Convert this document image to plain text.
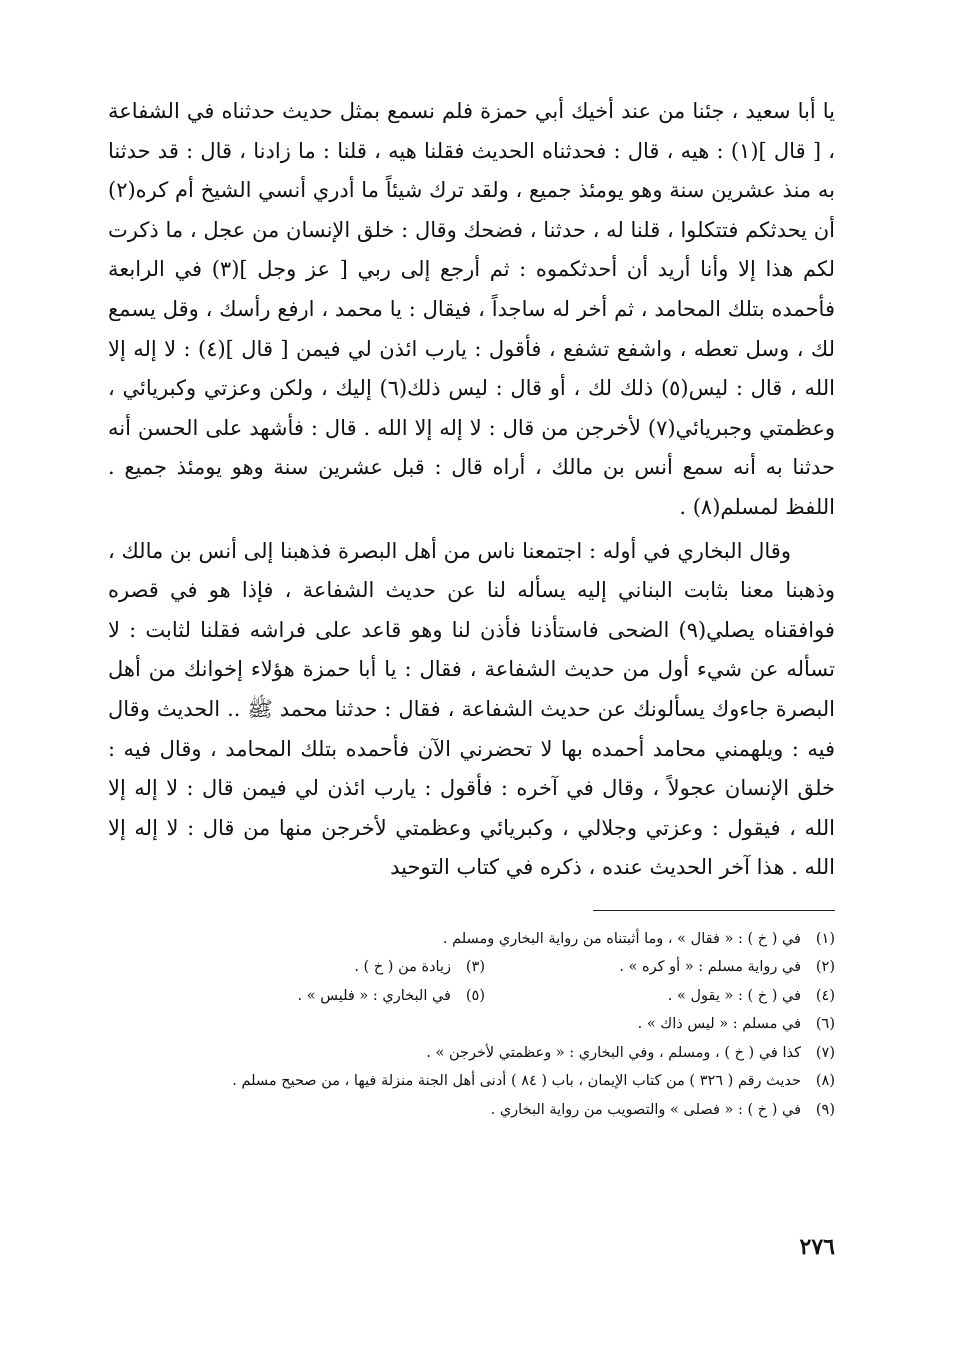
يا أبا سعيد ، جئنا من عند أخيك أبي حمزة فلم نسمع بمثل حديث حدثناه في الشفاعة ، [ قال ](١) : هيه ، قال : فحدثناه الحديث فقلنا هيه ، قلنا : ما زادنا ، قال : قد حدثنا به منذ عشرين سنة وهو يومئذ جميع ، ولقد ترك شيئاً ما أدري أنسي الشيخ أم كره(٢) أن يحدثكم فتتكلوا ، قلنا له ، حدثنا ، فضحك وقال : خلق الإنسان من عجل ، ما ذكرت لكم هذا إلا وأنا أريد أن أحدثكموه : ثم أرجع إلى ربي [ عز وجل ](٣) في الرابعة فأحمده بتلك المحامد ، ثم أخر له ساجداً ، فيقال : يا محمد ، ارفع رأسك ، وقل يسمع لك ، وسل تعطه ، واشفع تشفع ، فأقول : يارب ائذن لي فيمن [ قال ](٤) : لا إله إلا الله ، قال : ليس(٥) ذلك لك ، أو قال : ليس ذلك(٦) إليك ، ولكن وعزتي وكبريائي ، وعظمتي وجبريائي(٧) لأخرجن من قال : لا إله إلا الله . قال : فأشهد على الحسن أنه حدثنا به أنه سمع أنس بن مالك ، أراه قال : قبل عشرين سنة وهو يومئذ جميع . اللفظ لمسلم(٨) .

وقال البخاري في أوله : اجتمعنا ناس من أهل البصرة فذهبنا إلى أنس بن مالك ، وذهبنا معنا بثابت البناني إليه يسأله لنا عن حديث الشفاعة ، فإذا هو في قصره فوافقناه يصلي(٩) الضحى فاستأذنا فأذن لنا وهو قاعد على فراشه فقلنا لثابت : لا تسأله عن شيء أول من حديث الشفاعة ، فقال : يا أبا حمزة هؤلاء إخوانك من أهل البصرة جاءوك يسألونك عن حديث الشفاعة ، فقال : حدثنا محمد ﷺ .. الحديث وقال فيه : ويلهمني محامد أحمده بها لا تحضرني الآن فأحمده بتلك المحامد ، وقال فيه : خلق الإنسان عجولاً ، وقال في آخره : فأقول : يارب ائذن لي فيمن قال : لا إله إلا الله ، فيقول : وعزتي وجلالي ، وكبريائي وعظمتي لأخرجن منها من قال : لا إله إلا الله . هذا آخر الحديث عنده ، ذكره في كتاب التوحيد

(١)
في ( خ ) : « فقال » ، وما أثبتناه من رواية البخاري ومسلم .
(٢)
في رواية مسلم : « أو كره » .
(٣)
زيادة من ( خ ) .
(٤)
في ( خ ) : « يقول » .
(٥)
في البخاري : « فليس » .
(٦)
في مسلم : « ليس ذاك » .
(٧)
كذا في ( خ ) ، ومسلم ، وفي البخاري : « وعظمتي لأخرجن » .
(٨)
حديث رقم ( ٣٢٦ ) من كتاب الإيمان ، باب ( ٨٤ ) أدنى أهل الجنة منزلة فيها ، من صحيح مسلم .
(٩)
في ( خ ) : « فصلى » والتصويب من رواية البخاري .
٢٧٦
